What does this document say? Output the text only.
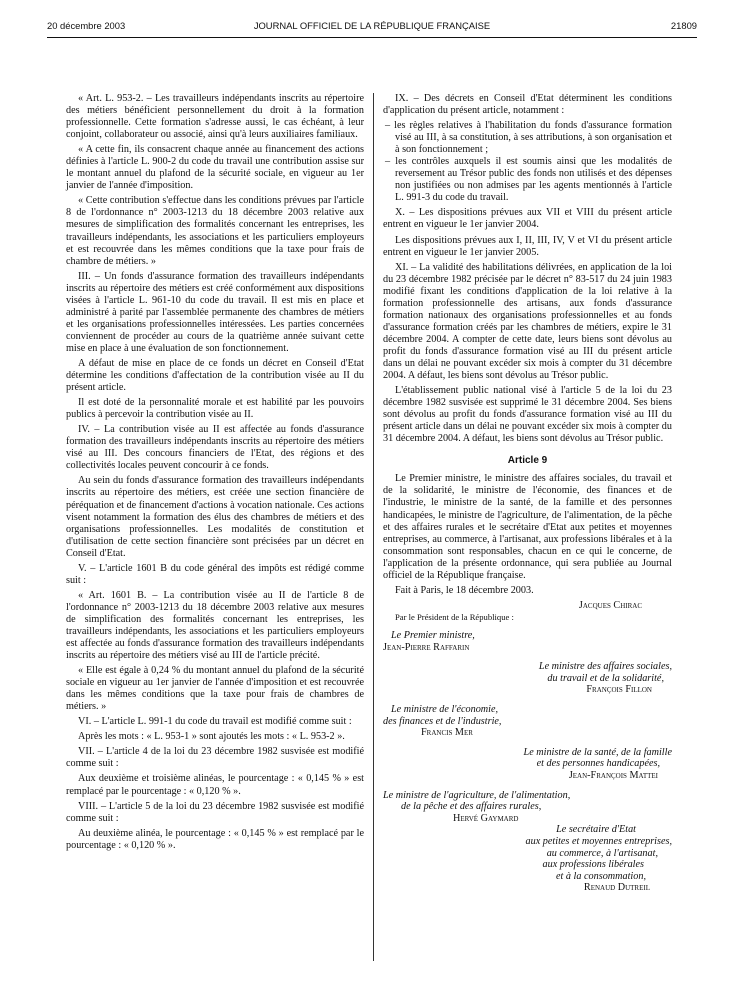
20 décembre 2003	JOURNAL OFFICIEL DE LA RÉPUBLIQUE FRANÇAISE	21809

« Art. L. 953-2. – Les travailleurs indépendants inscrits au répertoire des métiers bénéficient personnellement du droit à la formation professionnelle. Cette formation s'adresse aussi, le cas échéant, à leur conjoint, collaborateur ou associé, ainsi qu'à leurs auxiliaires familiaux.

« A cette fin, ils consacrent chaque année au financement des actions définies à l'article L. 900-2 du code du travail une contribution assise sur le montant annuel du plafond de la sécurité sociale, en vigueur au 1er janvier de l'année d'imposition.

« Cette contribution s'effectue dans les conditions prévues par l'article 8 de l'ordonnance n° 2003-1213 du 18 décembre 2003 relative aux mesures de simplification des formalités concernant les entreprises, les travailleurs indépendants, les associations et les particuliers employeurs et est recouvrée dans les mêmes conditions que la taxe pour frais de chambre de métiers. »

III. – Un fonds d'assurance formation des travailleurs indépendants inscrits au répertoire des métiers est créé conformément aux dispositions visées à l'article L. 961-10 du code du travail. Il est mis en place et administré à parité par l'assemblée permanente des chambres de métiers et les organisations professionnelles intéressées. Les parties concernées conviennent de procéder au cours de la quatrième année suivant cette mise en place à une évaluation de son fonctionnement.

A défaut de mise en place de ce fonds un décret en Conseil d'Etat détermine les conditions d'affectation de la contribution visée au II du présent article.

Il est doté de la personnalité morale et est habilité par les pouvoirs publics à percevoir la contribution visée au II.

IV. – La contribution visée au II est affectée au fonds d'assurance formation des travailleurs indépendants inscrits au répertoire des métiers visé au III. Des concours financiers de l'Etat, des régions et des collectivités locales peuvent concourir à ce fonds.

Au sein du fonds d'assurance formation des travailleurs indépendants inscrits au répertoire des métiers, est créée une section financière de péréquation et de financement d'actions à vocation nationale. Ces actions visent notamment la formation des élus des chambres de métiers et des organisations professionnelles. Les modalités de constitution et d'utilisation de cette section financière sont précisées par un décret en Conseil d'Etat.

V. – L'article 1601 B du code général des impôts est rédigé comme suit :

« Art. 1601 B. – La contribution visée au II de l'article 8 de l'ordonnance n° 2003-1213 du 18 décembre 2003 relative aux mesures de simplification des formalités concernant les entreprises, les travailleurs indépendants, les associations et les particuliers employeurs est affectée au fonds d'assurance formation des travailleurs indépendants inscrits au répertoire des métiers visé au III de l'article précité.

« Elle est égale à 0,24 % du montant annuel du plafond de la sécurité sociale en vigueur au 1er janvier de l'année d'imposition et est recouvrée dans les mêmes conditions que la taxe pour frais de chambres de métiers. »

VI. – L'article L. 991-1 du code du travail est modifié comme suit :

Après les mots : « L. 953-1 » sont ajoutés les mots : « L. 953-2 ».

VII. – L'article 4 de la loi du 23 décembre 1982 susvisée est modifié comme suit :

Aux deuxième et troisième alinéas, le pourcentage : « 0,145 % » est remplacé par le pourcentage : « 0,120 % ».

VIII. – L'article 5 de la loi du 23 décembre 1982 susvisée est modifié comme suit :

Au deuxième alinéa, le pourcentage : « 0,145 % » est remplacé par le pourcentage : « 0,120 % ».

IX. – Des décrets en Conseil d'Etat déterminent les conditions d'application du présent article, notamment :

– les règles relatives à l'habilitation du fonds d'assurance formation visé au III, à sa constitution, à ses attributions, à son organisation et à son fonctionnement ;
– les contrôles auxquels il est soumis ainsi que les modalités de reversement au Trésor public des fonds non utilisés et des dépenses non justifiées ou non admises par les agents mentionnés à l'article L. 991-3 du code du travail.

X. – Les dispositions prévues aux VII et VIII du présent article entrent en vigueur le 1er janvier 2004.

Les dispositions prévues aux I, II, III, IV, V et VI du présent article entrent en vigueur le 1er janvier 2005.

XI. – La validité des habilitations délivrées, en application de la loi du 23 décembre 1982 précisée par le décret n° 83-517 du 24 juin 1983 modifié fixant les conditions d'application de la loi relative à la formation professionnelle des artisans, aux fonds d'assurance formation nationaux des organisations professionnelles et au fonds d'assurance formation créés par les chambres de métiers, expire le 31 décembre 2004. A compter de cette date, leurs biens sont dévolus au profit du fonds d'assurance formation visé au III du présent article dans un délai ne pouvant excéder six mois à compter du 31 décembre 2004. A défaut, les biens sont dévolus au Trésor public.

L'établissement public national visé à l'article 5 de la loi du 23 décembre 1982 susvisée est supprimé le 31 décembre 2004. Ses biens sont dévolus au profit du fonds d'assurance formation visé au III du présent article dans un délai ne pouvant excéder six mois à compter du 31 décembre 2004. A défaut, les biens sont dévolus au Trésor public.

Article 9

Le Premier ministre, le ministre des affaires sociales, du travail et de la solidarité, le ministre de l'économie, des finances et de l'industrie, le ministre de la santé, de la famille et des personnes handicapées, le ministre de l'agriculture, de l'alimentation, de la pêche et des affaires rurales et le secrétaire d'Etat aux petites et moyennes entreprises, au commerce, à l'artisanat, aux professions libérales et à la consommation sont responsables, chacun en ce qui le concerne, de l'application de la présente ordonnance, qui sera publiée au Journal officiel de la République française.

Fait à Paris, le 18 décembre 2003.

Jacques Chirac

Par le Président de la République :

Le Premier ministre,

Jean-Pierre Raffarin

Le ministre des affaires sociales,

du travail et de la solidarité,

François Fillon

Le ministre de l'économie,

des finances et de l'industrie,

Francis Mer

Le ministre de la santé, de la famille

et des personnes handicapées,

Jean-François Mattei

Le ministre de l'agriculture, de l'alimentation,

de la pêche et des affaires rurales,

Hervé Gaymard

Le secrétaire d'Etat

aux petites et moyennes entreprises,

au commerce, à l'artisanat,

aux professions libérales

et à la consommation,

Renaud Dutreil
